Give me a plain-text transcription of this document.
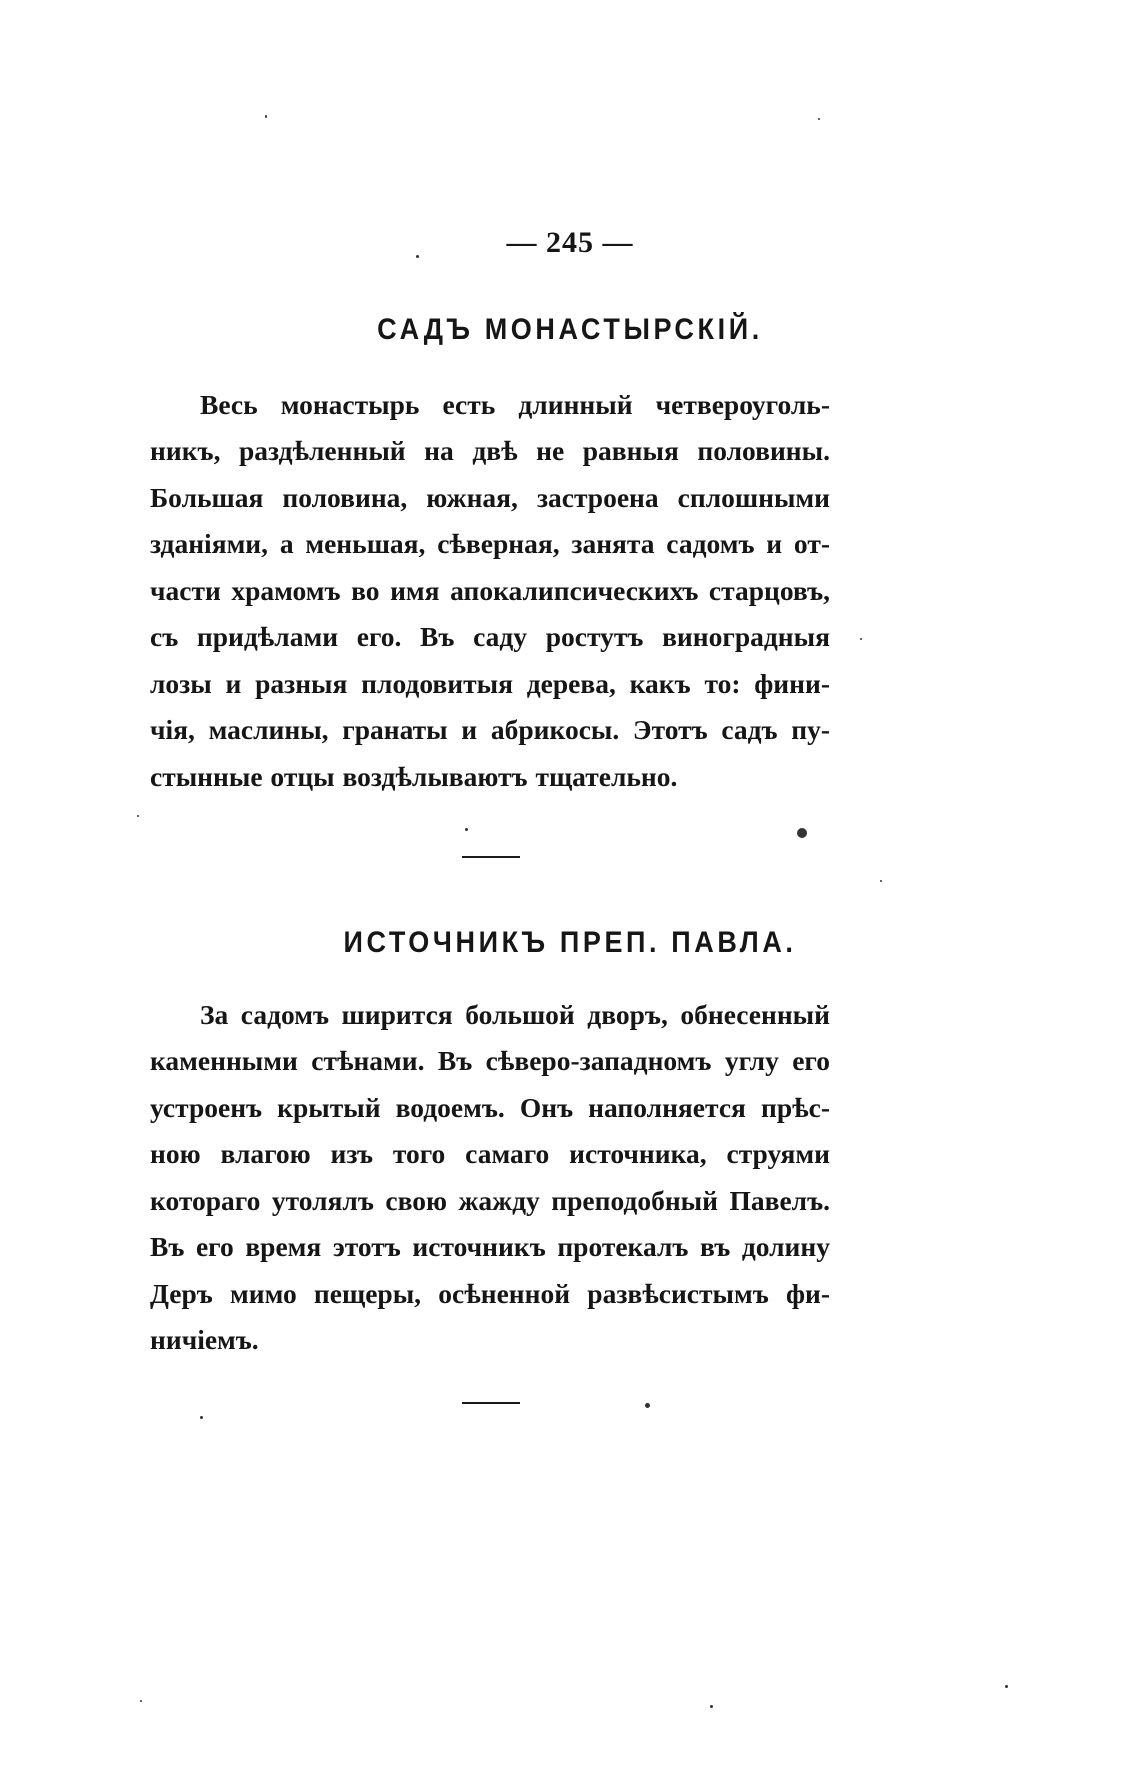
— 245 —
САДЪ МОНАСТЫРСКІЙ.
Весь монастырь есть длинный четвероуголь-
никъ, раздѣленный на двѣ не равныя половины.
Большая половина, южная, застроена сплошными
зданіями, а меньшая, сѣверная, занята садомъ и от-
части храмомъ во имя апокалипсическихъ старцовъ,
съ придѣлами его. Въ саду ростутъ виноградныя
лозы и разныя плодовитыя дерева, какъ то: фини-
чія, маслины, гранаты и абрикосы. Этотъ садъ пу-
стынные отцы воздѣлываютъ тщательно.
ИСТОЧНИКЪ ПРЕП. ПАВЛА.
За садомъ ширится большой дворъ, обнесенный
каменными стѣнами. Въ сѣверо-западномъ углу его
устроенъ крытый водоемъ. Онъ наполняется прѣс-
ною влагою изъ того самаго источника, струями
котораго утолялъ свою жажду преподобный Павелъ.
Въ его время этотъ источникъ протекалъ въ долину
Деръ мимо пещеры, осѣненной развѣсистымъ фи-
ничіемъ.
